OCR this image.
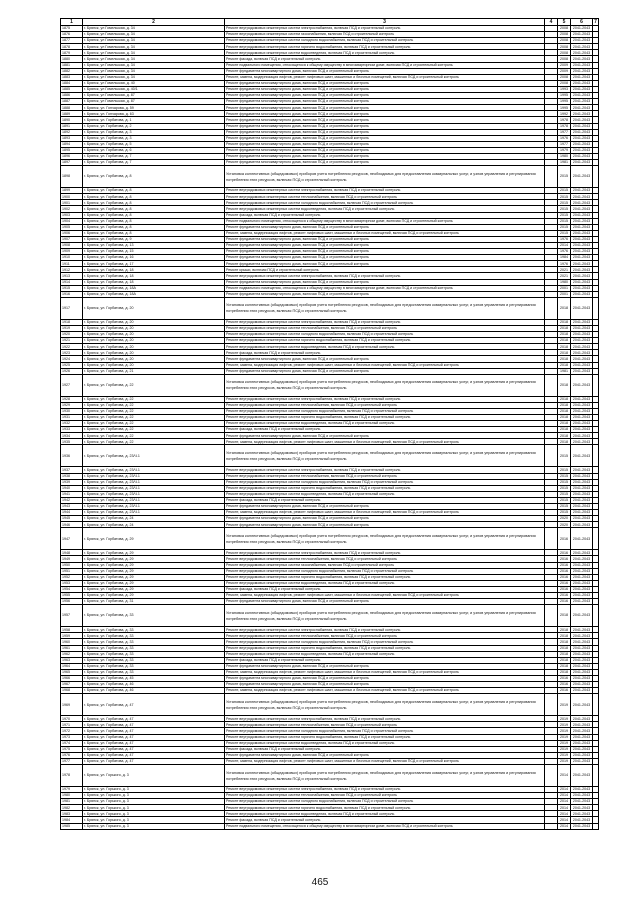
1	2	3	4	5	6	7
1875	г. Брянск, ул Гомельская, д. 34	Ремонт внутридомовых инженерных систем электроснабжения, включая ПСД и строительный контроль		2008	2041-2043	
1876	г. Брянск, ул Гомельская, д. 34	Ремонт внутридомовых инженерных систем газоснабжения, включая ПСД и строительный контроль		2008	2041-2043	
1877	г. Брянск, ул Гомельская, д. 34	Ремонт внутридомовых инженерных систем холодного водоснабжения, включая ПСД и строительный контроль		2008	2041-2043	
1878	г. Брянск, ул Гомельская, д. 34	Ремонт внутридомовых инженерных систем горячего водоснабжения, включая ПСД и строительный контроль		2008	2041-2043	
1879	г. Брянск, ул Гомельская, д. 34	Ремонт внутридомовых инженерных систем водоотведения, включая ПСД и строительный контроль		2008	2041-2043	
1880	г. Брянск, ул Гомельская, д. 34	Ремонт фасада, включая ПСД и строительный контроль		2008	2041-2043	
1881	г. Брянск, ул Гомельская, д. 34	Ремонт подвального помещения, относящегося к общему имуществу в многоквартирном доме, включая ПСД и строительный контроль		2009	2041-2043	
1882	г. Брянск, ул Гомельская, д. 34	Ремонт фундамента многоквартирного дома, включая ПСД и строительный контроль		2009	2041-2043	
1883	г. Брянск, ул Гомельская, д. 34	Ремонт, замена, модернизация лифтов, ремонт лифтовых шахт, машинных и блочных помещений, включая ПСД и строительный контроль		2008	2041-2043	
1884	г. Брянск, ул Гомельская, д. 40	Ремонт фундамента многоквартирного дома, включая ПСД и строительный контроль		2008	2041-2043	
1885	г. Брянск, ул Гомельская, д. 40/1	Ремонт фундамента многоквартирного дома, включая ПСД и строительный контроль		1993	2041-2043	
1886	г. Брянск, ул Гомельская, д. 87	Ремонт фундамента многоквартирного дома, включая ПСД и строительный контроль		1995	2041-2043	
1887	г. Брянск, ул Гомельская, д. 87	Ремонт фундамента многоквартирного дома, включая ПСД и строительный контроль		1995	2041-2043	
1888	г. Брянск, ул. Гончарова, д. 59	Ремонт фундамента многоквартирного дома, включая ПСД и строительный контроль		1995	2041-2043	
1889	г. Брянск, ул. Гончарова, д. 63	Ремонт фундамента многоквартирного дома, включая ПСД и строительный контроль		1992	2041-2043	
1890	г. Брянск, ул. Горбатова, д. 1	Ремонт фундамента многоквартирного дома, включая ПСД и строительный контроль		1978	2041-2043	
1891	г. Брянск, ул. Горбатова, д. 2	Ремонт фундамента многоквартирного дома, включая ПСД и строительный контроль		1978	2041-2043	
1892	г. Брянск, ул. Горбатова, д. 3	Ремонт фундамента многоквартирного дома, включая ПСД и строительный контроль		1977	2041-2043	
1893	г. Брянск, ул. Горбатова, д. 3	Ремонт фундамента многоквартирного дома, включая ПСД и строительный контроль		1976	2041-2043	
1894	г. Брянск, ул. Горбатова, д. 5	Ремонт фундамента многоквартирного дома, включая ПСД и строительный контроль		1977	2041-2043	
1895	г. Брянск, ул. Горбатова, д. 6	Ремонт фундамента многоквартирного дома, включая ПСД и строительный контроль		1979	2041-2043	
1896	г. Брянск, ул. Горбатова, д. 7	Ремонт фундамента многоквартирного дома, включая ПСД и строительный контроль		1980	2041-2043	
1897	г. Брянск, ул. Горбатова, д. 7	Ремонт фундамента многоквартирного дома, включая ПСД и строительный контроль		1981	2041-2043	
1898	г. Брянск, ул. Горбатова, д. 8	Установка коллективных (общедомовых) приборов учета потребления ресурсов, необходимых для предоставления коммунальных услуг, и узлов управления и регулирования потребления этих ресурсов, включая ПСД и строительный контроль		2015	2041-2043	
1899	г. Брянск, ул. Горбатова, д. 8	Ремонт внутридомовых инженерных систем электроснабжения, включая ПСД и строительный контроль		2015	2041-2043	
1900	г. Брянск, ул. Горбатова, д. 8	Ремонт внутридомовых инженерных систем теплоснабжения, включая ПСД и строительный контроль		2015	2041-2043	
1901	г. Брянск, ул. Горбатова, д. 8	Ремонт внутридомовых инженерных систем холодного водоснабжения, включая ПСД и строительный контроль		2015	2041-2043	
1902	г. Брянск, ул. Горбатова, д. 8	Ремонт внутридомовых инженерных систем водоотведения, включая ПСД и строительный контроль		2015	2041-2043	
1903	г. Брянск, ул. Горбатова, д. 8	Ремонт фасада, включая ПСД и строительный контроль		2015	2041-2043	
1904	г. Брянск, ул. Горбатова, д. 8	Ремонт подвального помещения, относящегося к общему имуществу в многоквартирном доме, включая ПСД и строительный контроль		2015	2041-2043	
1905	г. Брянск, ул. Горбатова, д. 8	Ремонт фундамента многоквартирного дома, включая ПСД и строительный контроль		2015	2041-2043	
1906	г. Брянск, ул. Горбатова, д. 8	Ремонт, замена, модернизация лифтов, ремонт лифтовых шахт, машинных и блочных помещений, включая ПСД и строительный контроль		2015	2041-2043	
1907	г. Брянск, ул. Горбатова, д. 9	Ремонт фундамента многоквартирного дома, включая ПСД и строительный контроль		1976	2041-2043	
1908	г. Брянск, ул. Горбатова, д. 13	Ремонт фундамента многоквартирного дома, включая ПСД и строительный контроль		2014	2041-2043	
1909	г. Брянск, ул. Горбатова, д. 15	Ремонт фундамента многоквартирного дома, включая ПСД и строительный контроль		1976	2041-2043	
1910	г. Брянск, ул. Горбатова, д. 16	Ремонт фундамента многоквартирного дома, включая ПСД и строительный контроль		1984	2041-2043	
1911	г. Брянск, ул. Горбатова, д. 17	Ремонт фундамента многоквартирного дома, включая ПСД и строительный контроль		1976	2041-2043	
1912	г. Брянск, ул. Горбатова, д. 18	Ремонт крыши, включая ПСД и строительный контроль		2021	2041-2043	
1913	г. Брянск, ул. Горбатова, д. 18	Ремонт внутридомовых инженерных систем электроснабжения, включая ПСД и строительный контроль		2021	2041-2043	
1914	г. Брянск, ул. Горбатова, д. 18	Ремонт фундамента многоквартирного дома, включая ПСД и строительный контроль		1980	2041-2043	
1915	г. Брянск, ул. Горбатова, д. 18А	Ремонт подвального помещения, относящегося к общему имуществу в многоквартирном доме, включая ПСД и строительный контроль		2001	2041-2043	
1916	г. Брянск, ул. Горбатова, д. 18А	Ремонт фундамента многоквартирного дома, включая ПСД и строительный контроль		2001	2041-2043	
1917	г. Брянск, ул. Горбатова, д. 20	Установка коллективных (общедомовых) приборов учета потребления ресурсов, необходимых для предоставления коммунальных услуг, и узлов управления и регулирования потребления этих ресурсов, включая ПСД и строительный контроль		2018	2041-2043	
1918	г. Брянск, ул. Горбатова, д. 20	Ремонт внутридомовых инженерных систем электроснабжения, включая ПСД и строительный контроль		2018	2041-2043	
1919	г. Брянск, ул. Горбатова, д. 20	Ремонт внутридомовых инженерных систем теплоснабжения, включая ПСД и строительный контроль		2018	2041-2043	
1920	г. Брянск, ул. Горбатова, д. 20	Ремонт внутридомовых инженерных систем холодного водоснабжения, включая ПСД и строительный контроль		2018	2041-2043	
1921	г. Брянск, ул. Горбатова, д. 20	Ремонт внутридомовых инженерных систем горячего водоснабжения, включая ПСД и строительный контроль		2018	2041-2043	
1922	г. Брянск, ул. Горбатова, д. 20	Ремонт внутридомовых инженерных систем водоотведения, включая ПСД и строительный контроль		2018	2041-2043	
1923	г. Брянск, ул. Горбатова, д. 20	Ремонт фасада, включая ПСД и строительный контроль		2018	2041-2043	
1924	г. Брянск, ул. Горбатова, д. 20	Ремонт фундамента многоквартирного дома, включая ПСД и строительный контроль		2018	2041-2043	
1925	г. Брянск, ул. Горбатова, д. 20	Ремонт, замена, модернизация лифтов, ремонт лифтовых шахт, машинных и блочных помещений, включая ПСД и строительный контроль		2018	2041-2043	
1926	г. Брянск, ул. Горбатова, д. 21	Ремонт фундамента многоквартирного дома, включая ПСД и строительный контроль		1981	2041-2043	
1927	г. Брянск, ул. Горбатова, д. 22	Установка коллективных (общедомовых) приборов учета потребления ресурсов, необходимых для предоставления коммунальных услуг, и узлов управления и регулирования потребления этих ресурсов, включая ПСД и строительный контроль		2018	2041-2043	
1928	г. Брянск, ул. Горбатова, д. 22	Ремонт внутридомовых инженерных систем электроснабжения, включая ПСД и строительный контроль		2018	2041-2043	
1929	г. Брянск, ул. Горбатова, д. 22	Ремонт внутридомовых инженерных систем теплоснабжения, включая ПСД и строительный контроль		2018	2041-2043	
1930	г. Брянск, ул. Горбатова, д. 22	Ремонт внутридомовых инженерных систем холодного водоснабжения, включая ПСД и строительный контроль		2018	2041-2043	
1931	г. Брянск, ул. Горбатова, д. 22	Ремонт внутридомовых инженерных систем горячего водоснабжения, включая ПСД и строительный контроль		2018	2041-2043	
1932	г. Брянск, ул. Горбатова, д. 22	Ремонт внутридомовых инженерных систем водоотведения, включая ПСД и строительный контроль		2018	2041-2043	
1933	г. Брянск, ул. Горбатова, д. 22	Ремонт фасада, включая ПСД и строительный контроль		2018	2041-2043	
1934	г. Брянск, ул. Горбатова, д. 22	Ремонт фундамента многоквартирного дома, включая ПСД и строительный контроль		2018	2041-2043	
1935	г. Брянск, ул. Горбатова, д. 22	Ремонт, замена, модернизация лифтов, ремонт лифтовых шахт, машинных и блочных помещений, включая ПСД и строительный контроль		2018	2041-2043	
1936	г. Брянск, ул. Горбатова, д. 23/Ч.1	Установка коллективных (общедомовых) приборов учета потребления ресурсов, необходимых для предоставления коммунальных услуг, и узлов управления и регулирования потребления этих ресурсов, включая ПСД и строительный контроль		2015	2041-2043	
1937	г. Брянск, ул. Горбатова, д. 23/Ч.1	Ремонт внутридомовых инженерных систем электроснабжения, включая ПСД и строительный контроль		2015	2041-2043	
1938	г. Брянск, ул. Горбатова, д. 23/Ч.1	Ремонт внутридомовых инженерных систем теплоснабжения, включая ПСД и строительный контроль		2015	2041-2043	
1939	г. Брянск, ул. Горбатова, д. 23/Ч.1	Ремонт внутридомовых инженерных систем холодного водоснабжения, включая ПСД и строительный контроль		2015	2041-2043	
1940	г. Брянск, ул. Горбатова, д. 23/Ч.1	Ремонт внутридомовых инженерных систем горячего водоснабжения, включая ПСД и строительный контроль		2015	2041-2043	
1941	г. Брянск, ул. Горбатова, д. 23/Ч.1	Ремонт внутридомовых инженерных систем водоотведения, включая ПСД и строительный контроль		2015	2041-2043	
1942	г. Брянск, ул. Горбатова, д. 23/Ч.1	Ремонт фасада, включая ПСД и строительный контроль		2015	2041-2043	
1943	г. Брянск, ул. Горбатова, д. 23/Ч.1	Ремонт фундамента многоквартирного дома, включая ПСД и строительный контроль		2015	2041-2043	
1944	г. Брянск, ул. Горбатова, д. 23/Ч.1	Ремонт, замена, модернизация лифтов, ремонт лифтовых шахт, машинных и блочных помещений, включая ПСД и строительный контроль		2015	2041-2043	
1945	г. Брянск, ул. Горбатова, д. 24	Ремонт фундамента многоквартирного дома, включая ПСД и строительный контроль		2020	2041-2043	
1946	г. Брянск, ул. Горбатова, д. 24	Ремонт фундамента многоквартирного дома, включая ПСД и строительный контроль		2020	2041-2043	
1947	г. Брянск, ул. Горбатова, д. 29	Установка коллективных (общедомовых) приборов учета потребления ресурсов, необходимых для предоставления коммунальных услуг, и узлов управления и регулирования потребления этих ресурсов, включая ПСД и строительный контроль		2016	2041-2043	
1948	г. Брянск, ул. Горбатова, д. 29	Ремонт внутридомовых инженерных систем электроснабжения, включая ПСД и строительный контроль		2016	2041-2043	
1949	г. Брянск, ул. Горбатова, д. 29	Ремонт внутридомовых инженерных систем теплоснабжения, включая ПСД и строительный контроль		2016	2041-2043	
1950	г. Брянск, ул. Горбатова, д. 29	Ремонт внутридомовых инженерных систем газоснабжения, включая ПСД и строительный контроль		2016	2041-2043	
1951	г. Брянск, ул. Горбатова, д. 29	Ремонт внутридомовых инженерных систем холодного водоснабжения, включая ПСД и строительный контроль		2016	2041-2043	
1952	г. Брянск, ул. Горбатова, д. 29	Ремонт внутридомовых инженерных систем горячего водоснабжения, включая ПСД и строительный контроль		2016	2041-2043	
1953	г. Брянск, ул. Горбатова, д. 29	Ремонт внутридомовых инженерных систем водоотведения, включая ПСД и строительный контроль		2016	2041-2043	
1954	г. Брянск, ул. Горбатова, д. 29	Ремонт фасада, включая ПСД и строительный контроль		2016	2041-2043	
1955	г. Брянск, ул. Горбатова, д. 29	Ремонт, замена, модернизация лифтов, ремонт лифтовых шахт, машинных и блочных помещений, включая ПСД и строительный контроль		2016	2041-2043	
1956	г. Брянск, ул. Горбатова, д. 31	Ремонт фундамента многоквартирного дома, включая ПСД и строительный контроль		2016	2041-2043	
1957	г. Брянск, ул. Горбатова, д. 33	Установка коллективных (общедомовых) приборов учета потребления ресурсов, необходимых для предоставления коммунальных услуг, и узлов управления и регулирования потребления этих ресурсов, включая ПСД и строительный контроль		2018	2041-2043	
1958	г. Брянск, ул. Горбатова, д. 33	Ремонт внутридомовых инженерных систем электроснабжения, включая ПСД и строительный контроль		2018	2041-2043	
1959	г. Брянск, ул. Горбатова, д. 33	Ремонт внутридомовых инженерных систем теплоснабжения, включая ПСД и строительный контроль		2018	2041-2043	
1960	г. Брянск, ул. Горбатова, д. 33	Ремонт внутридомовых инженерных систем холодного водоснабжения, включая ПСД и строительный контроль		2018	2041-2043	
1961	г. Брянск, ул. Горбатова, д. 33	Ремонт внутридомовых инженерных систем горячего водоснабжения, включая ПСД и строительный контроль		2018	2041-2043	
1962	г. Брянск, ул. Горбатова, д. 33	Ремонт внутридомовых инженерных систем водоотведения, включая ПСД и строительный контроль		2018	2041-2043	
1963	г. Брянск, ул. Горбатова, д. 33	Ремонт фасада, включая ПСД и строительный контроль		2018	2041-2043	
1964	г. Брянск, ул. Горбатова, д. 33	Ремонт фундамента многоквартирного дома, включая ПСД и строительный контроль		2018	2041-2043	
1965	г. Брянск, ул. Горбатова, д. 33	Ремонт, замена, модернизация лифтов, ремонт лифтовых шахт, машинных и блочных помещений, включая ПСД и строительный контроль		2018	2041-2043	
1966	г. Брянск, ул. Горбатова, д. 45	Ремонт фундамента многоквартирного дома, включая ПСД и строительный контроль		2016	2041-2043	
1967	г. Брянск, ул. Горбатова, д. 46	Ремонт фундамента многоквартирного дома, включая ПСД и строительный контроль		2016	2041-2043	
1968	г. Брянск, ул. Горбатова, д. 46	Ремонт, замена, модернизация лифтов, ремонт лифтовых шахт, машинных и блочных помещений, включая ПСД и строительный контроль		2016	2041-2043	
1969	г. Брянск, ул. Горбатова, д. 47	Установка коллективных (общедомовых) приборов учета потребления ресурсов, необходимых для предоставления коммунальных услуг, и узлов управления и регулирования потребления этих ресурсов, включая ПСД и строительный контроль		2019	2041-2043	
1970	г. Брянск, ул. Горбатова, д. 47	Ремонт внутридомовых инженерных систем электроснабжения, включая ПСД и строительный контроль		2019	2041-2043	
1971	г. Брянск, ул. Горбатова, д. 47	Ремонт внутридомовых инженерных систем теплоснабжения, включая ПСД и строительный контроль		2019	2041-2043	
1972	г. Брянск, ул. Горбатова, д. 47	Ремонт внутридомовых инженерных систем холодного водоснабжения, включая ПСД и строительный контроль		2019	2041-2043	
1973	г. Брянск, ул. Горбатова, д. 47	Ремонт внутридомовых инженерных систем горячего водоснабжения, включая ПСД и строительный контроль		2019	2041-2043	
1974	г. Брянск, ул. Горбатова, д. 47	Ремонт внутридомовых инженерных систем водоотведения, включая ПСД и строительный контроль		2019	2041-2043	
1975	г. Брянск, ул. Горбатова, д. 47	Ремонт фасада, включая ПСД и строительный контроль		2019	2041-2043	
1976	г. Брянск, ул. Горбатова, д. 47	Ремонт фундамента многоквартирного дома, включая ПСД и строительный контроль		2019	2041-2043	
1977	г. Брянск, ул. Горбатова, д. 47	Ремонт, замена, модернизация лифтов, ремонт лифтовых шахт, машинных и блочных помещений, включая ПСД и строительный контроль		2019	2041-2043	
1978	г. Брянск, ул. Горького, д. 3	Установка коллективных (общедомовых) приборов учета потребления ресурсов, необходимых для предоставления коммунальных услуг, и узлов управления и регулирования потребления этих ресурсов, включая ПСД и строительный контроль		2014	2041-2043	
1979	г. Брянск, ул. Горького, д. 3	Ремонт внутридомовых инженерных систем электроснабжения, включая ПСД и строительный контроль		2014	2041-2043	
1980	г. Брянск, ул. Горького, д. 3	Ремонт внутридомовых инженерных систем теплоснабжения, включая ПСД и строительный контроль		2014	2041-2043	
1981	г. Брянск, ул. Горького, д. 3	Ремонт внутридомовых инженерных систем холодного водоснабжения, включая ПСД и строительный контроль		2014	2041-2043	
1982	г. Брянск, ул. Горького, д. 3	Ремонт внутридомовых инженерных систем горячего водоснабжения, включая ПСД и строительный контроль		2014	2041-2043	
1983	г. Брянск, ул. Горького, д. 3	Ремонт внутридомовых инженерных систем водоотведения, включая ПСД и строительный контроль		2014	2041-2043	
1984	г. Брянск, ул. Горького, д. 3	Ремонт фасада, включая ПСД и строительный контроль		2014	2041-2043	
1985	г. Брянск, ул. Горького, д. 3	Ремонт подвального помещения, относящегося к общему имуществу в многоквартирном доме, включая ПСД и строительный контроль		2014	2041-2043	
465
